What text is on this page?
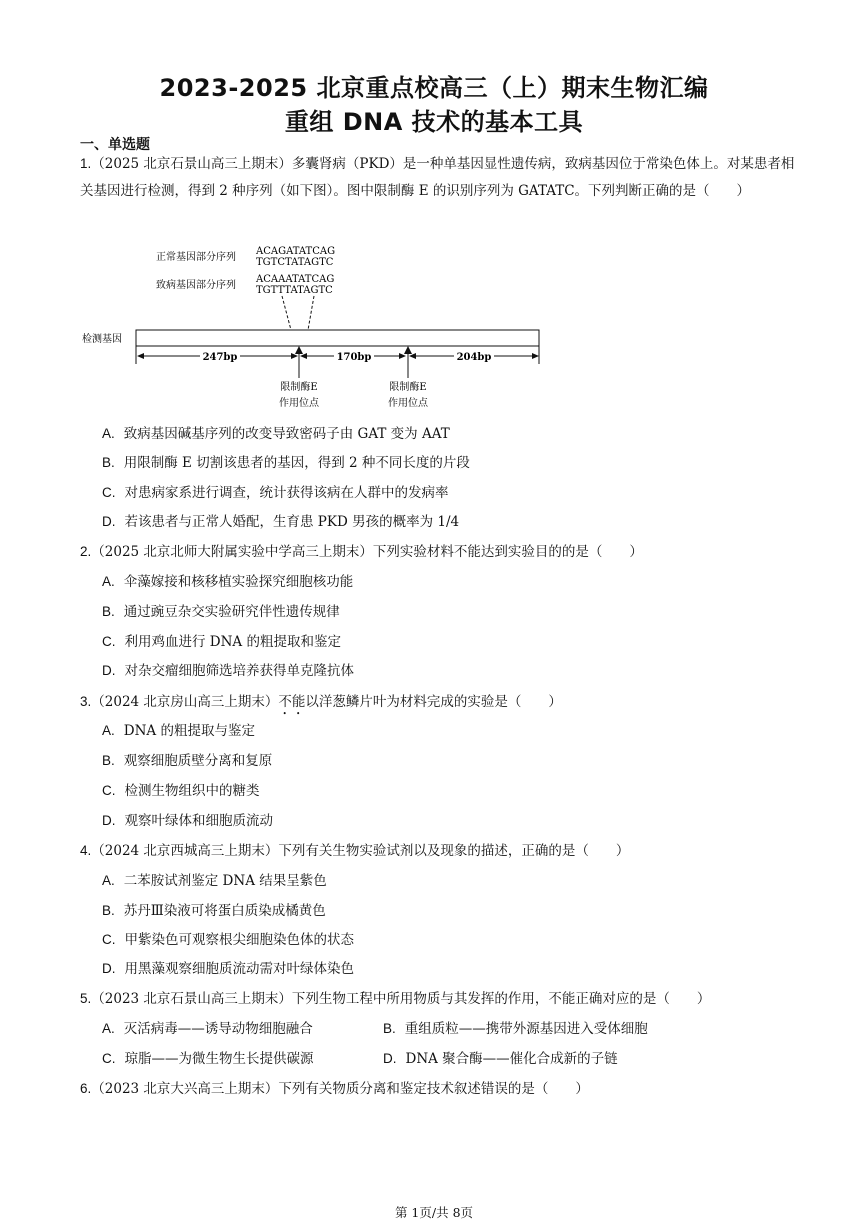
2023-2025 北京重点校高三（上）期末生物汇编
重组 DNA 技术的基本工具
一、单选题
1.（2025 北京石景山高三上期末）多囊肾病（PKD）是一种单基因显性遗传病，致病基因位于常染色体上。对某患者相关基因进行检测，得到 2 种序列（如下图）。图中限制酶 E 的识别序列为 GATATC。下列判断正确的是（　　）
正常基因部分序列
ACAGATATCAG
TGTCTATAGTC
致病基因部分序列
ACAAATATCAG
TGTTTATAGTC
检测基因
247bp	170bp	204bp
限制酶E
作用位点
限制酶E
作用位点
A. 致病基因碱基序列的改变导致密码子由 GAT 变为 AAT
B. 用限制酶 E 切割该患者的基因，得到 2 种不同长度的片段
C. 对患病家系进行调查，统计获得该病在人群中的发病率
D. 若该患者与正常人婚配，生育患 PKD 男孩的概率为 1/4
2.（2025 北京北师大附属实验中学高三上期末）下列实验材料不能达到实验目的的是（　　）
A. 伞藻嫁接和核移植实验探究细胞核功能
B. 通过豌豆杂交实验研究伴性遗传规律
C. 利用鸡血进行 DNA 的粗提取和鉴定
D. 对杂交瘤细胞筛选培养获得单克隆抗体
3.（2024 北京房山高三上期末）不能以洋葱鳞片叶为材料完成的实验是（　　）
A. DNA 的粗提取与鉴定
B. 观察细胞质壁分离和复原
C. 检测生物组织中的糖类
D. 观察叶绿体和细胞质流动
4.（2024 北京西城高三上期末）下列有关生物实验试剂以及现象的描述，正确的是（　　）
A. 二苯胺试剂鉴定 DNA 结果呈紫色
B. 苏丹Ⅲ染液可将蛋白质染成橘黄色
C. 甲紫染色可观察根尖细胞染色体的状态
D. 用黑藻观察细胞质流动需对叶绿体染色
5.（2023 北京石景山高三上期末）下列生物工程中所用物质与其发挥的作用，不能正确对应的是（　　）
A. 灭活病毒——诱导动物细胞融合	B. 重组质粒——携带外源基因进入受体细胞
C. 琼脂——为微生物生长提供碳源	D. DNA 聚合酶——催化合成新的子链
6.（2023 北京大兴高三上期末）下列有关物质分离和鉴定技术叙述错误的是（　　）
第 1页/共 8页
